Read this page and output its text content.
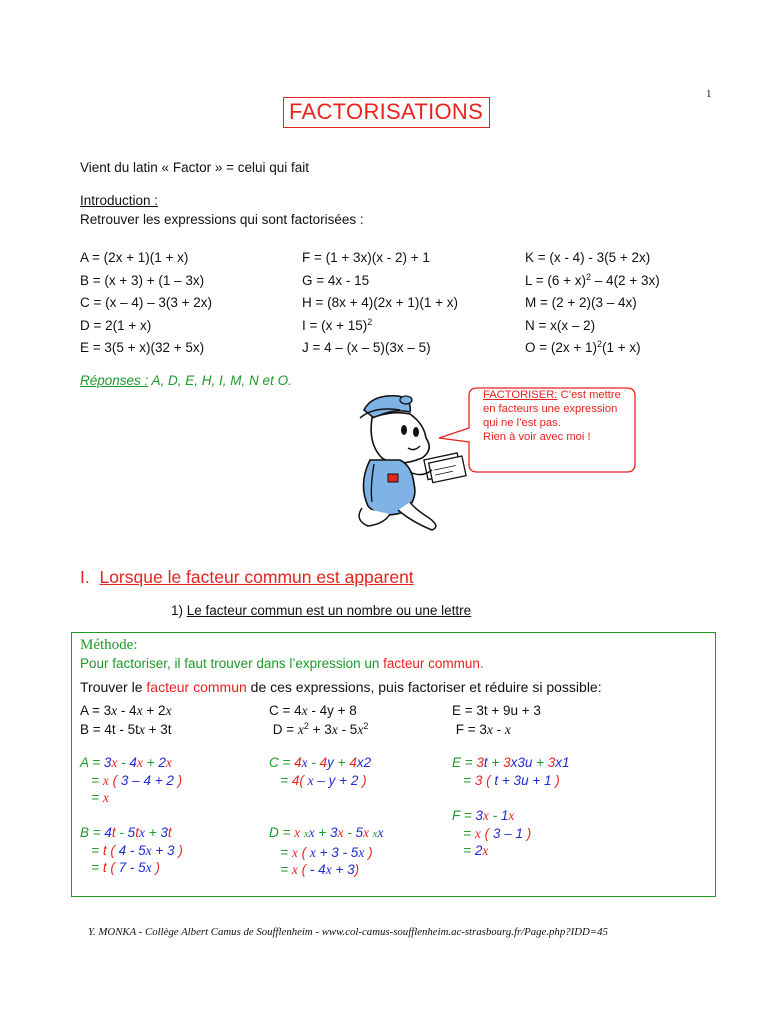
1
FACTORISATIONS
Vient du latin « Factor » = celui qui fait
Introduction :
Retrouver les expressions qui sont factorisées :
A = (2x + 1)(1 + x)
B = (x + 3) + (1 – 3x)
C = (x – 4) – 3(3 + 2x)
D = 2(1 + x)
E = 3(5 + x)(32 + 5x)
F = (1 + 3x)(x - 2) + 1
G = 4x - 15
H = (8x + 4)(2x + 1)(1 + x)
$I = (x + 15)^2$
J = 4 – (x – 5)(3x – 5)
K = (x - 4) - 3(5 + 2x)
$L = (6 + x)^2 - 4(2 + 3x)$
M = (2 + 2)(3 – 4x)
N = x(x – 2)
$O = (2x + 1)^2(1 + x)$
Réponses : A, D, E, H, I, M, N et O.
FACTORISER: C’est mettre en facteurs une expression qui ne l’est pas.
Rien à voir avec moi !
I. Lorsque le facteur commun est apparent
1) Le facteur commun est un nombre ou une lettre
Méthode:
Pour factoriser, il faut trouver dans l’expression un facteur commun.
Trouver le facteur commun de ces expressions, puis factoriser et réduire si possible:
A = 3x - 4x + 2x
B = 4t - 5tx + 3t
C = 4x - 4y + 8
$D = x^2 + 3x - 5x^2$
E = 3t + 9u + 3
F = 3x - x
A = 3x - 4x + 2x
= x ( 3 – 4 + 2 )
= x
C = 4x - 4y + 4x2
= 4( x – y + 2 )
E = 3t + 3x3u + 3x1
= 3 ( t + 3u + 1 )
F = 3x - 1x
= x ( 3 – 1 )
= 2x
B = 4t - 5tx + 3t
= t ( 4 - 5x + 3 )
= t ( 7 - 5x )
D = x xx + 3x - 5x xx
= x ( x + 3 - 5x )
= x ( - 4x + 3)
Y. MONKA - Collège Albert Camus de Soufflenheim - www.col-camus-soufflenheim.ac-strasbourg.fr/Page.php?IDD=45
